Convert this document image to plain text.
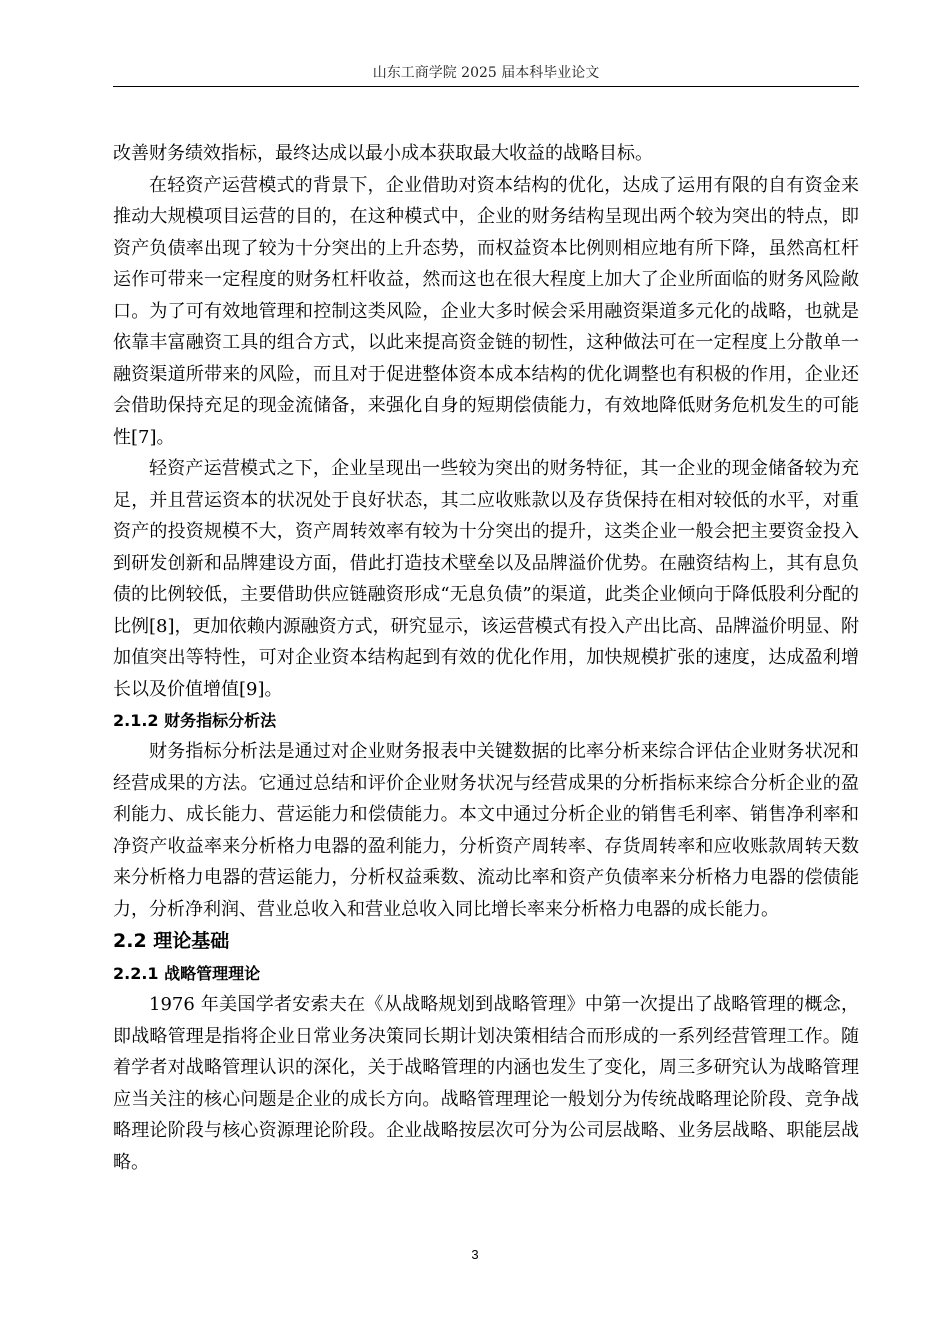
山东工商学院 2025 届本科毕业论文

改善财务绩效指标，最终达成以最小成本获取最大收益的战略目标。

在轻资产运营模式的背景下，企业借助对资本结构的优化，达成了运用有限的自有资金来推动大规模项目运营的目的，在这种模式中，企业的财务结构呈现出两个较为突出的特点，即资产负债率出现了较为十分突出的上升态势，而权益资本比例则相应地有所下降，虽然高杠杆运作可带来一定程度的财务杠杆收益，然而这也在很大程度上加大了企业所面临的财务风险敞口。为了可有效地管理和控制这类风险，企业大多时候会采用融资渠道多元化的战略，也就是依靠丰富融资工具的组合方式，以此来提高资金链的韧性，这种做法可在一定程度上分散单一融资渠道所带来的风险，而且对于促进整体资本成本结构的优化调整也有积极的作用，企业还会借助保持充足的现金流储备，来强化自身的短期偿债能力，有效地降低财务危机发生的可能性[7]。

轻资产运营模式之下，企业呈现出一些较为突出的财务特征，其一企业的现金储备较为充足，并且营运资本的状况处于良好状态，其二应收账款以及存货保持在相对较低的水平，对重资产的投资规模不大，资产周转效率有较为十分突出的提升，这类企业一般会把主要资金投入到研发创新和品牌建设方面，借此打造技术壁垒以及品牌溢价优势。在融资结构上，其有息负债的比例较低，主要借助供应链融资形成“无息负债”的渠道，此类企业倾向于降低股利分配的比例[8]，更加依赖内源融资方式，研究显示，该运营模式有投入产出比高、品牌溢价明显、附加值突出等特性，可对企业资本结构起到有效的优化作用，加快规模扩张的速度，达成盈利增长以及价值增值[9]。

2.1.2 财务指标分析法

财务指标分析法是通过对企业财务报表中关键数据的比率分析来综合评估企业财务状况和经营成果的方法。它通过总结和评价企业财务状况与经营成果的分析指标来综合分析企业的盈利能力、成长能力、营运能力和偿债能力。本文中通过分析企业的销售毛利率、销售净利率和净资产收益率来分析格力电器的盈利能力，分析资产周转率、存货周转率和应收账款周转天数来分析格力电器的营运能力，分析权益乘数、流动比率和资产负债率来分析格力电器的偿债能力，分析净利润、营业总收入和营业总收入同比增长率来分析格力电器的成长能力。

2.2 理论基础

2.2.1 战略管理理论

1976 年美国学者安索夫在《从战略规划到战略管理》中第一次提出了战略管理的概念，即战略管理是指将企业日常业务决策同长期计划决策相结合而形成的一系列经营管理工作。随着学者对战略管理认识的深化，关于战略管理的内涵也发生了变化，周三多研究认为战略管理应当关注的核心问题是企业的成长方向。战略管理理论一般划分为传统战略理论阶段、竞争战略理论阶段与核心资源理论阶段。企业战略按层次可分为公司层战略、业务层战略、职能层战略。

3
